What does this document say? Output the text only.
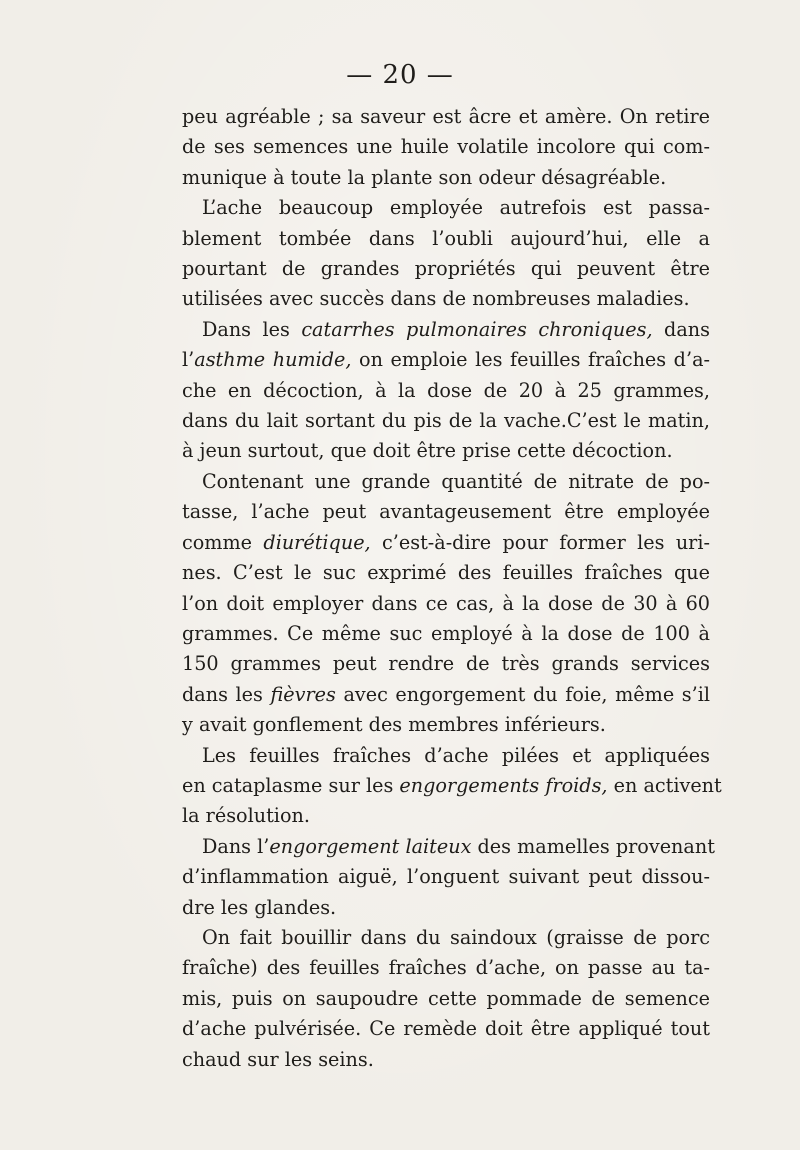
— 20 —

peu agréable ; sa saveur est âcre et amère. On retire
de ses semences une huile volatile incolore qui com-
munique à toute la plante son odeur désagréable.

L’ache beaucoup employée autrefois est passa-
blement tombée dans l’oubli aujourd’hui, elle a
pourtant de grandes propriétés qui peuvent être
utilisées avec succès dans de nombreuses maladies.

Dans les catarrhes pulmonaires chroniques, dans
l’asthme humide, on emploie les feuilles fraîches d’a-
che en décoction, à la dose de 20 à 25 grammes,
dans du lait sortant du pis de la vache.C’est le matin,
à jeun surtout, que doit être prise cette décoction.

Contenant une grande quantité de nitrate de po-
tasse, l’ache peut avantageusement être employée
comme diurétique, c’est-à-dire pour former les uri-
nes. C’est le suc exprimé des feuilles fraîches que
l’on doit employer dans ce cas, à la dose de 30 à 60
grammes. Ce même suc employé à la dose de 100 à
150 grammes peut rendre de très grands services
dans les fièvres avec engorgement du foie, même s’il
y avait gonflement des membres inférieurs.

Les feuilles fraîches d’ache pilées et appliquées
en cataplasme sur les engorgements froids, en activent
la résolution.

Dans l’engorgement laiteux des mamelles provenant
d’inflammation aiguë, l’onguent suivant peut dissou-
dre les glandes.

On fait bouillir dans du saindoux (graisse de porc
fraîche) des feuilles fraîches d’ache, on passe au ta-
mis, puis on saupoudre cette pommade de semence
d’ache pulvérisée. Ce remède doit être appliqué tout
chaud sur les seins.
